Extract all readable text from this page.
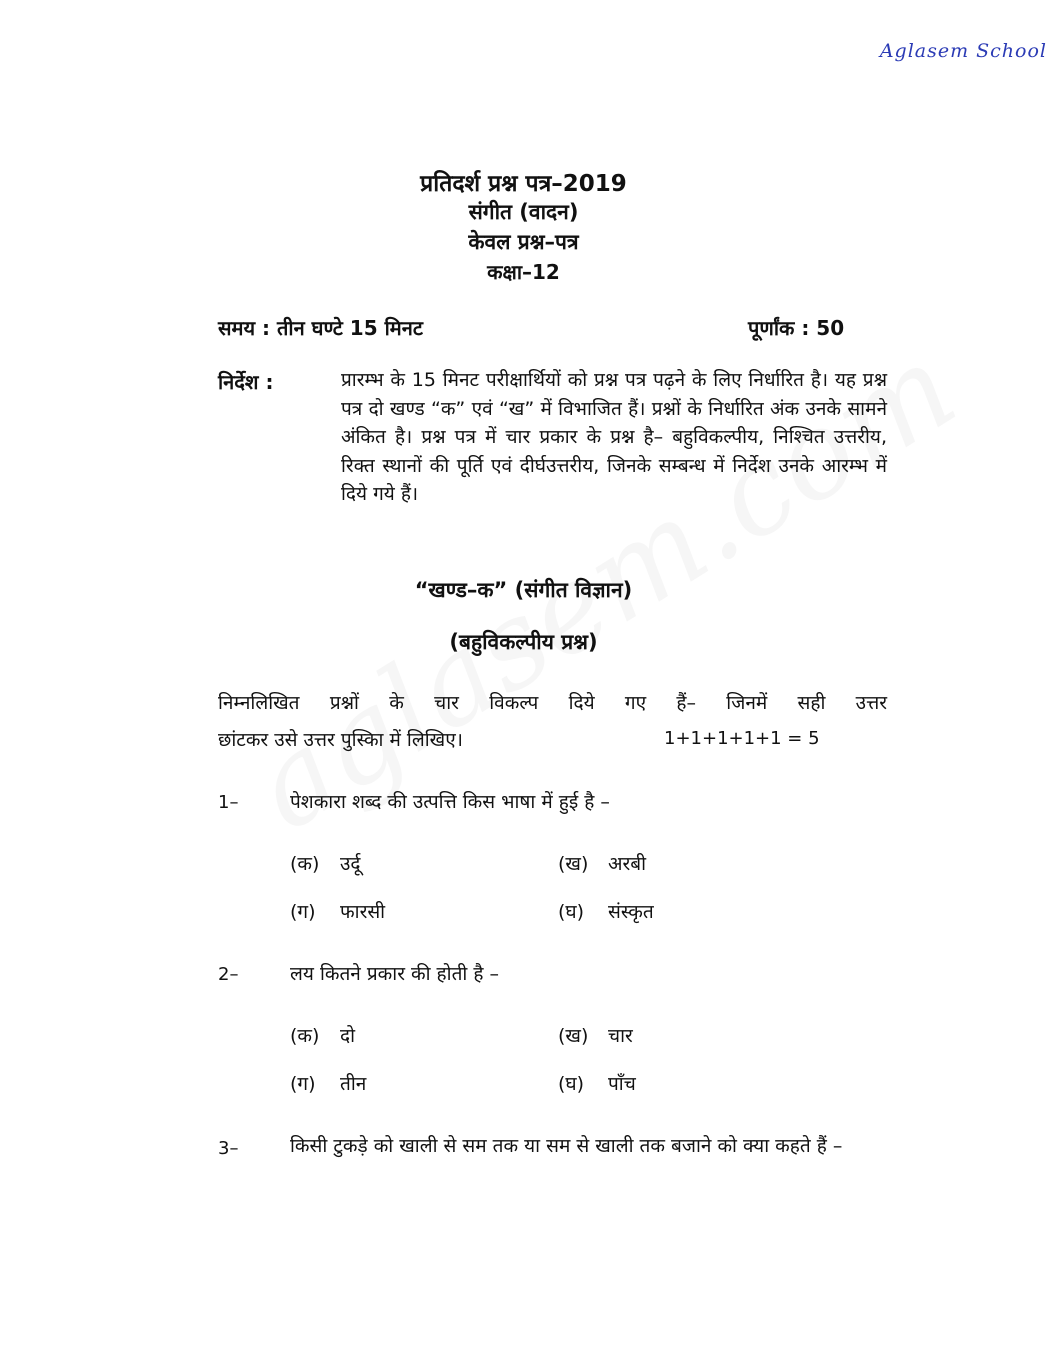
Aglasem School
प्रतिदर्श प्रश्न पत्र–2019
संगीत (वादन)
केवल प्रश्न–पत्र
कक्षा–12
समय : तीन घण्टे 15 मिनट	पूर्णांक : 50
निर्देश :	प्रारम्भ के 15 मिनट परीक्षार्थियों को प्रश्न पत्र पढ़ने के लिए निर्धारित है। यह प्रश्न पत्र दो खण्ड “क” एवं “ख” में विभाजित हैं। प्रश्नों के निर्धारित अंक उनके सामने अंकित है। प्रश्न पत्र में चार प्रकार के प्रश्न है– बहुविकल्पीय, निश्चित उत्तरीय, रिक्त स्थानों की पूर्ति एवं दीर्घउत्तरीय, जिनके सम्बन्ध में निर्देश उनके आरम्भ में दिये गये हैं।
“खण्ड–क” (संगीत विज्ञान)
(बहुविकल्पीय प्रश्न)
निम्नलिखित प्रश्नों के चार विकल्प दिये गए हैं– जिनमें सही उत्तर
छांटकर उसे उत्तर पुस्किा में लिखिए।	1+1+1+1+1 = 5
1–	पेशकारा शब्द की उत्पत्ति किस भाषा में हुई है –
(क) उर्दू	(ख) अरबी
(ग) फारसी	(घ) संस्कृत
2–	लय कितने प्रकार की होती है –
(क) दो	(ख) चार
(ग) तीन	(घ) पाँच
3–	किसी टुकड़े को खाली से सम तक या सम से खाली तक बजाने को क्या कहते हैं –
